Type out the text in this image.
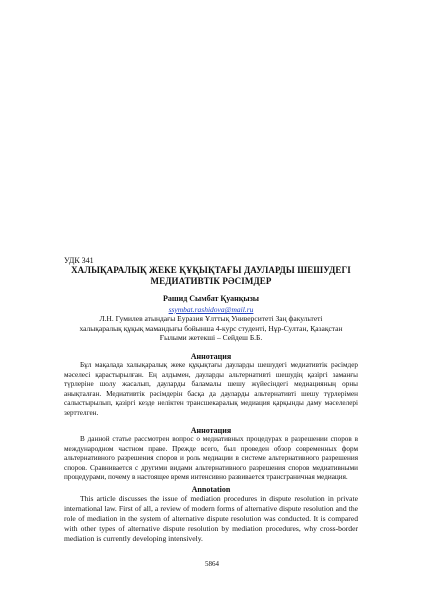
УДК 341
ХАЛЫҚАРАЛЫҚ ЖЕКЕ ҚҰҚЫҚТАҒЫ ДАУЛАРДЫ ШЕШУДЕГІ
МЕДИАТИВТІК РӘСІМДЕР
Рашид Сымбат Қуанқызы
ssymbat.rashidova@mail.ru
Л.Н. Гумилев атындағы Еуразия Ұлттық Университеті Заң факультеті
халықаралық құқық мамандығы бойынша 4-курс студенті, Нұр-Султан, Қазақстан
Ғылыми жетекші – Сейдеш Б.Б.
Аннотация
Бұл мақалада халықаралық жеке құқықтағы дауларды шешудегі медиативтік рәсімдер мәселесі қарастырылған. Ең алдымен, дауларды альтернативті шешудің қазіргі заманғы түрлеріне шолу жасалып, дауларды баламалы шешу жүйесіндегі медиацияның орны анықталған. Медиативтік рәсімдерін басқа да дауларды альтернативті шешу түрлерімен салыстырылып, қазіргі кезде неліктен трансшекаралық медиация қарқынды даму мәселелері зерттелген.
Аннотация
В данной статье рассмотрен вопрос о медиативных процедурах в разрешении споров в международном частном праве. Прежде всего, был проведен обзор современных форм альтернативного разрешения споров и роль медиации в системе альтернативного разрешения споров. Сравнивается с другими видами альтернативного разрешения споров медиативными процедурами, почему в настоящее время интенсивно развивается трансграничная медиация.
Annotation
This article discusses the issue of mediation procedures in dispute resolution in private international law. First of all, a review of modern forms of alternative dispute resolution and the role of mediation in the system of alternative dispute resolution was conducted. It is compared with other types of alternative dispute resolution by mediation procedures, why cross-border mediation is currently developing intensively.
5864
